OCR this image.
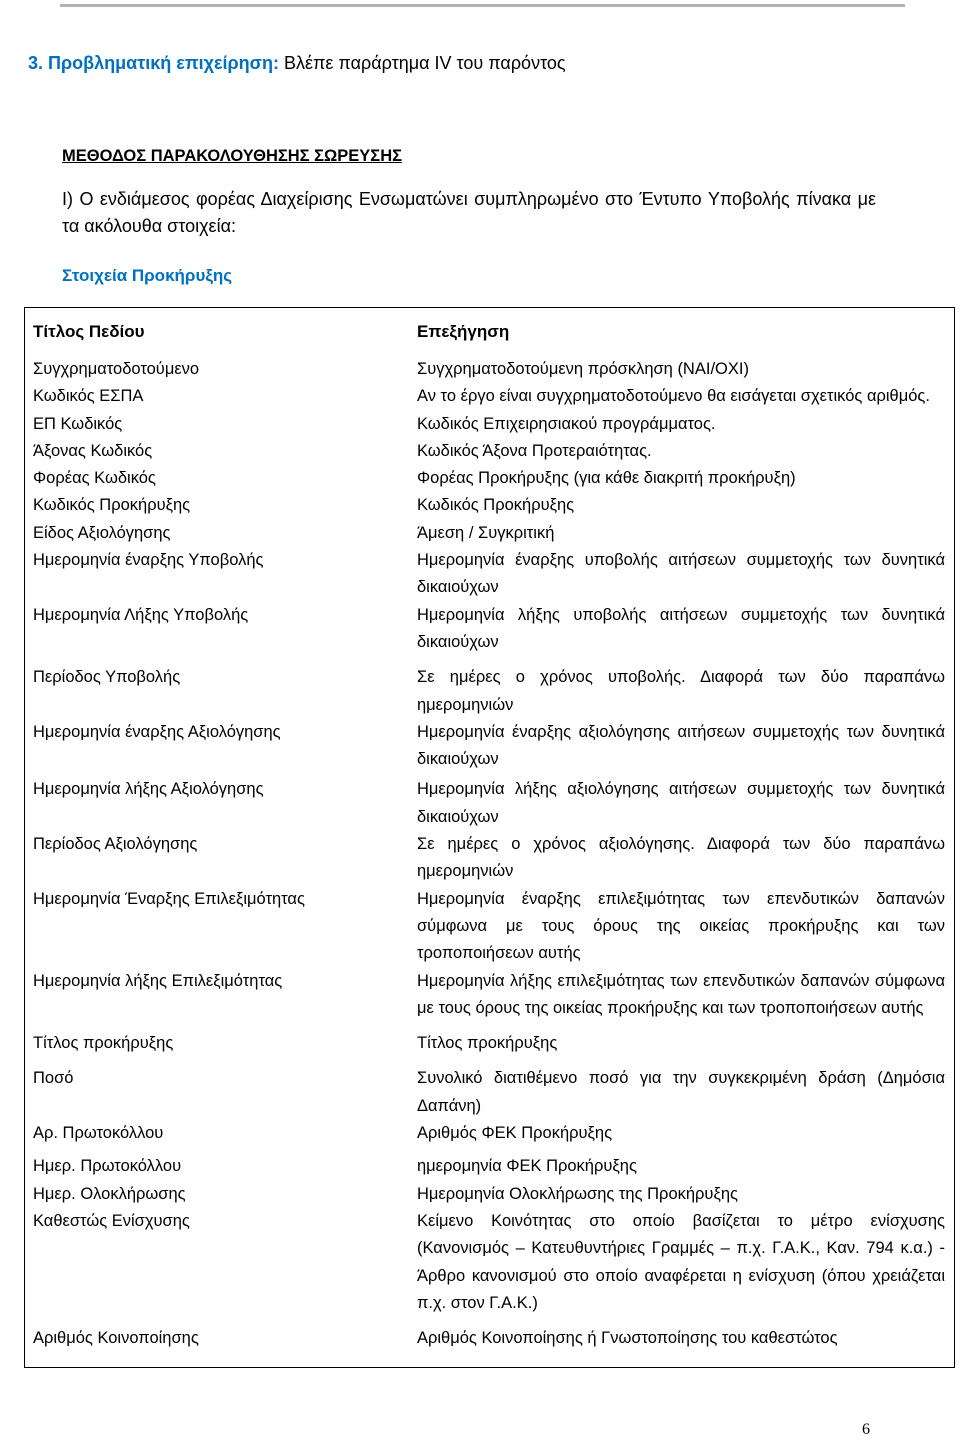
3. Προβληματική επιχείρηση: Βλέπε παράρτημα IV του παρόντος
ΜΕΘΟΔΟΣ ΠΑΡΑΚΟΛΟΥΘΗΣΗΣ ΣΩΡΕΥΣΗΣ
I) Ο ενδιάμεσος φορέας Διαχείρισης Ενσωματώνει συμπληρωμένο στο Έντυπο Υποβολής πίνακα με τα ακόλουθα στοιχεία:
Στοιχεία Προκήρυξης
Τίτλος Πεδίου	Επεξήγηση
Συγχρηματοδοτούμενο	Συγχρηματοδοτούμενη πρόσκληση (ΝΑΙ/ΟΧΙ)
Κωδικός ΕΣΠΑ	Αν το έργο είναι συγχρηματοδοτούμενο θα εισάγεται σχετικός αριθμός.
ΕΠ Κωδικός	Κωδικός Επιχειρησιακού προγράμματος.
Άξονας Κωδικός	Κωδικός Άξονα Προτεραιότητας.
Φορέας Κωδικός	Φορέας Προκήρυξης (για κάθε διακριτή προκήρυξη)
Κωδικός Προκήρυξης	Κωδικός Προκήρυξης
Είδος Αξιολόγησης	Άμεση / Συγκριτική
Ημερομηνία έναρξης Υποβολής	Ημερομηνία έναρξης υποβολής αιτήσεων συμμετοχής των δυνητικά δικαιούχων
Ημερομηνία Λήξης Υποβολής	Ημερομηνία λήξης υποβολής αιτήσεων συμμετοχής των δυνητικά δικαιούχων
Περίοδος Υποβολής	Σε ημέρες ο χρόνος υποβολής. Διαφορά των δύο παραπάνω ημερομηνιών
Ημερομηνία έναρξης Αξιολόγησης	Ημερομηνία έναρξης αξιολόγησης αιτήσεων συμμετοχής των δυνητικά δικαιούχων
Ημερομηνία λήξης Αξιολόγησης	Ημερομηνία λήξης αξιολόγησης αιτήσεων συμμετοχής των δυνητικά δικαιούχων
Περίοδος Αξιολόγησης	Σε ημέρες ο χρόνος αξιολόγησης. Διαφορά των δύο παραπάνω ημερομηνιών
Ημερομηνία Έναρξης Επιλεξιμότητας	Ημερομηνία έναρξης επιλεξιμότητας των επενδυτικών δαπανών σύμφωνα με τους όρους της οικείας προκήρυξης και των τροποποιήσεων αυτής
Ημερομηνία λήξης Επιλεξιμότητας	Ημερομηνία λήξης επιλεξιμότητας των επενδυτικών δαπανών σύμφωνα με τους όρους της οικείας προκήρυξης και των τροποποιήσεων αυτής
Τίτλος προκήρυξης	Τίτλος προκήρυξης
Ποσό	Συνολικό διατιθέμενο ποσό για την συγκεκριμένη δράση (Δημόσια Δαπάνη)
Αρ. Πρωτοκόλλου	Αριθμός ΦΕΚ Προκήρυξης
Ημερ. Πρωτοκόλλου	ημερομηνία ΦΕΚ Προκήρυξης
Ημερ. Ολοκλήρωσης	Ημερομηνία Ολοκλήρωσης της Προκήρυξης
Καθεστώς Ενίσχυσης	Κείμενο Κοινότητας στο οποίο βασίζεται το μέτρο ενίσχυσης (Κανονισμός – Κατευθυντήριες Γραμμές – π.χ. Γ.Α.Κ., Καν. 794 κ.α.) - Άρθρο κανονισμού στο οποίο αναφέρεται η ενίσχυση (όπου χρειάζεται π.χ. στον Γ.Α.Κ.)
Αριθμός Κοινοποίησης	Αριθμός Κοινοποίησης ή Γνωστοποίησης του καθεστώτος
6
